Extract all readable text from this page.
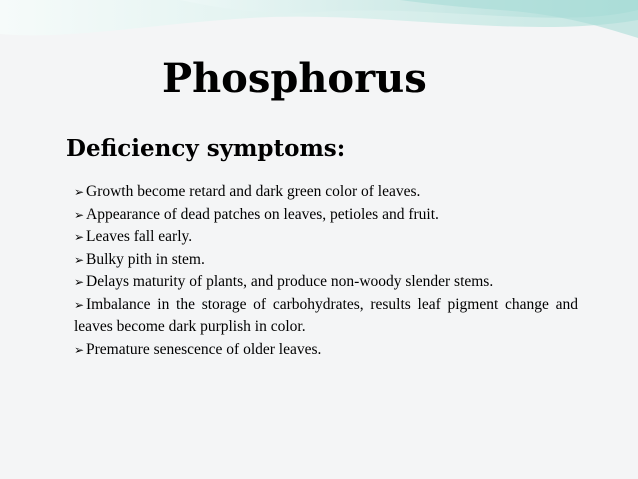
Phosphorus
Deficiency symptoms:
➢ Growth become retard and dark green color of leaves.
➢ Appearance of dead patches on leaves, petioles and fruit.
➢ Leaves fall early.
➢ Bulky pith in stem.
➢ Delays maturity of plants, and produce non-woody slender stems.
➢ Imbalance in the storage of carbohydrates, results leaf pigment change and leaves become dark purplish in color.
➢ Premature senescence of older leaves.
